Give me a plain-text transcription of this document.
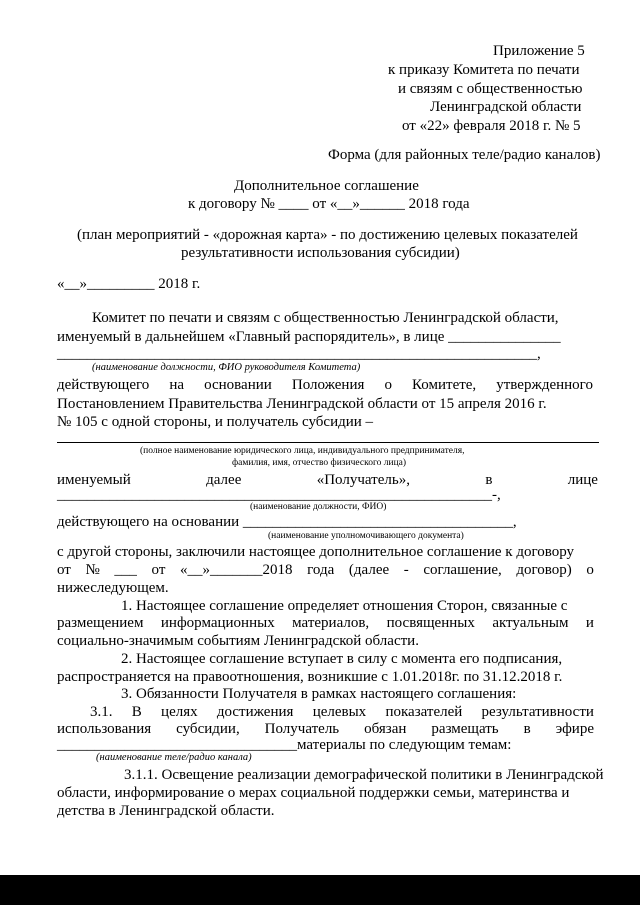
Приложение 5
к приказу Комитета по печати
и связям с общественностью
Ленинградской области
от «22» февраля 2018 г. № 5
Форма (для районных теле/радио каналов)
Дополнительное соглашение
к договору № ____ от «__»______ 2018 года
(план мероприятий - «дорожная карта» - по достижению целевых показателей
результативности использования субсидии)
«__»_________ 2018 г.
Комитет по печати и связям с общественностью Ленинградской области,
именуемый в дальнейшем «Главный распорядитель», в лице _______________
________________________________________________________________,
(наименование должности, ФИО руководителя Комитета)
действующего на основании Положения о Комитете, утвержденного
Постановлением Правительства Ленинградской области от 15 апреля 2016 г.
№ 105 с одной стороны, и получатель субсидии –
(полное наименование юридического лица, индивидуального предпринимателя,
фамилия, имя, отчество физического лица)
именуемый	далее	«Получатель»,	в	лице
__________________________________________________________-,
(наименование должности, ФИО)
действующего на основании ____________________________________,
(наименование уполномочивающего документа)
с другой стороны, заключили настоящее дополнительное соглашение к договору
от № ___ от «__»_______2018 года (далее - соглашение, договор) о
нижеследующем.
1. Настоящее соглашение определяет отношения Сторон, связанные с
размещением информационных материалов, посвященных актуальным и
социально-значимым событиям Ленинградской области.
2. Настоящее соглашение вступает в силу с момента его подписания,
распространяется на правоотношения, возникшие с 1.01.2018г. по 31.12.2018 г.
3. Обязанности Получателя в рамках настоящего соглашения:
3.1. В целях достижения целевых показателей результативности
использования субсидии, Получатель обязан размещать в эфире
________________________________материалы по следующим темам:
(наименование теле/радио канала)
3.1.1. Освещение реализации демографической политики в Ленинградской
области, информирование о мерах социальной поддержки семьи, материнства и
детства в Ленинградской области.
